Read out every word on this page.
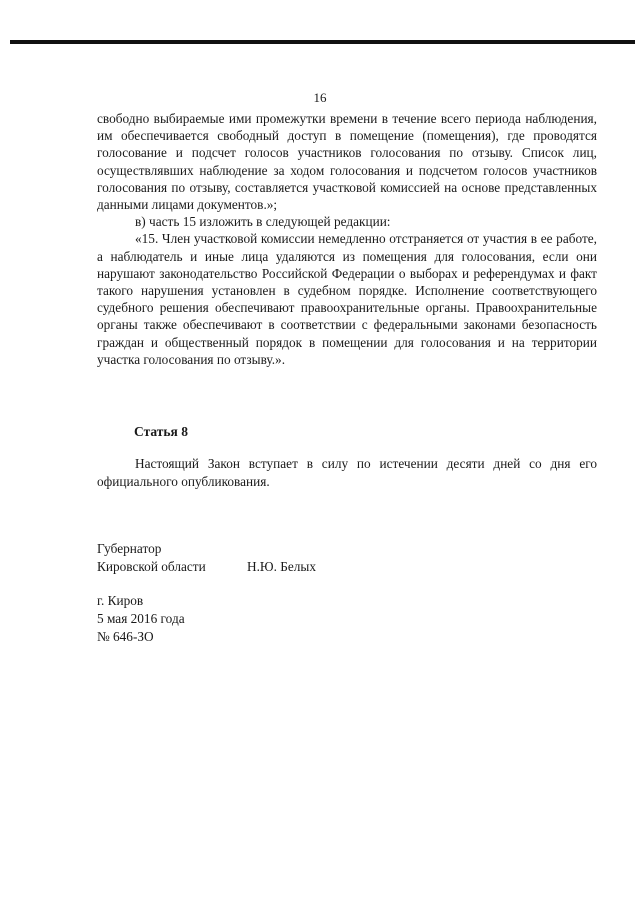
16

свободно выбираемые ими промежутки времени в течение всего периода наблюдения, им обеспечивается свободный доступ в помещение (помещения), где проводятся голосование и подсчет голосов участников голосования по отзыву. Список лиц, осуществлявших наблюдение за ходом голосования и подсчетом голосов участников голосования по отзыву, составляется участковой комиссией на основе представленных данными лицами документов.»;

в) часть 15 изложить в следующей редакции:

«15. Член участковой комиссии немедленно отстраняется от участия в ее работе, а наблюдатель и иные лица удаляются из помещения для голосования, если они нарушают законодательство Российской Федерации о выборах и референдумах и факт такого нарушения установлен в судебном порядке. Исполнение соответствующего судебного решения обеспечивают правоохранительные органы. Правоохранительные органы также обеспечивают в соответствии с федеральными законами безопасность граждан и общественный порядок в помещении для голосования и на территории участка голосования по отзыву.».

Статья 8

Настоящий Закон вступает в силу по истечении десяти дней со дня его официального опубликования.

Губернатор
Кировской области	Н.Ю. Белых
г. Киров
5 мая 2016 года
№ 646-ЗО
